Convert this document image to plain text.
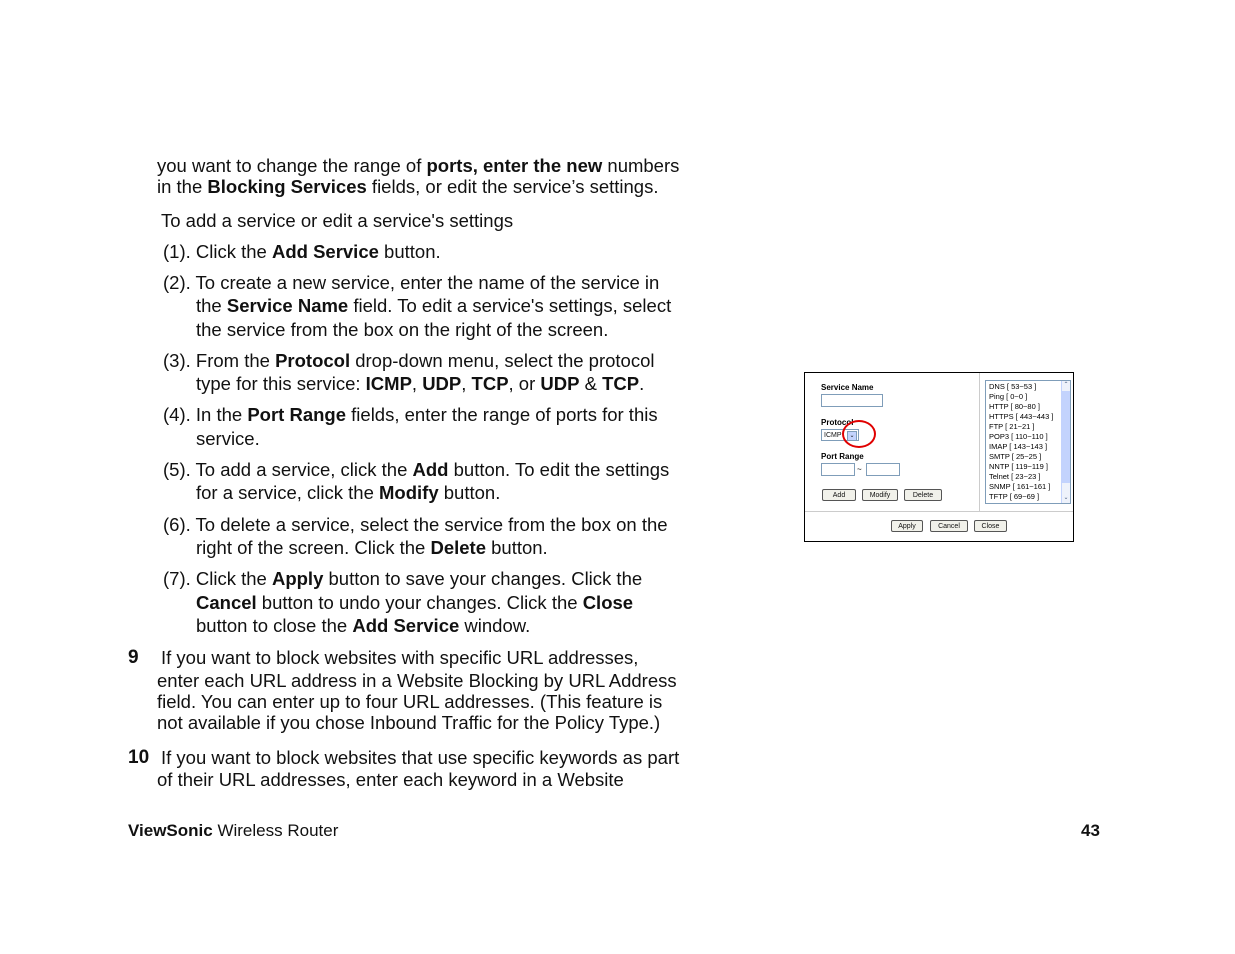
you want to change the range of ports, enter the new numbers
in the Blocking Services fields, or edit the service’s settings.
To add a service or edit a service's settings
(1). Click the Add Service button.
(2). To create a new service, enter the name of the service in
the Service Name field. To edit a service's settings, select
the service from the box on the right of the screen.
(3). From the Protocol drop-down menu, select the protocol
type for this service: ICMP, UDP, TCP, or UDP & TCP.
(4). In the Port Range fields, enter the range of ports for this
service.
(5). To add a service, click the Add button. To edit the settings
for a service, click the Modify button.
(6). To delete a service, select the service from the box on the
right of the screen. Click the Delete button.
(7). Click the Apply button to save your changes. Click the
Cancel button to undo your changes. Click the Close
button to close the Add Service window.
9 If you want to block websites with specific URL addresses,
enter each URL address in a Website Blocking by URL Address
field. You can enter up to four URL addresses. (This feature is
not available if you chose Inbound Traffic for the Policy Type.)
10 If you want to block websites that use specific keywords as part
of their URL addresses, enter each keyword in a Website
ViewSonic Wireless Router	43
Service Name
Protocol
ICMP	⌄
Port Range
~
Add	Modify	Delete
DNS [ 53~53 ]
Ping [ 0~0 ]
HTTP [ 80~80 ]
HTTPS [ 443~443 ]
FTP [ 21~21 ]
POP3 [ 110~110 ]
IMAP [ 143~143 ]
SMTP [ 25~25 ]
NNTP [ 119~119 ]
Telnet [ 23~23 ]
SNMP [ 161~161 ]
TFTP [ 69~69 ]
⌃
⌄
Apply	Cancel	Close
